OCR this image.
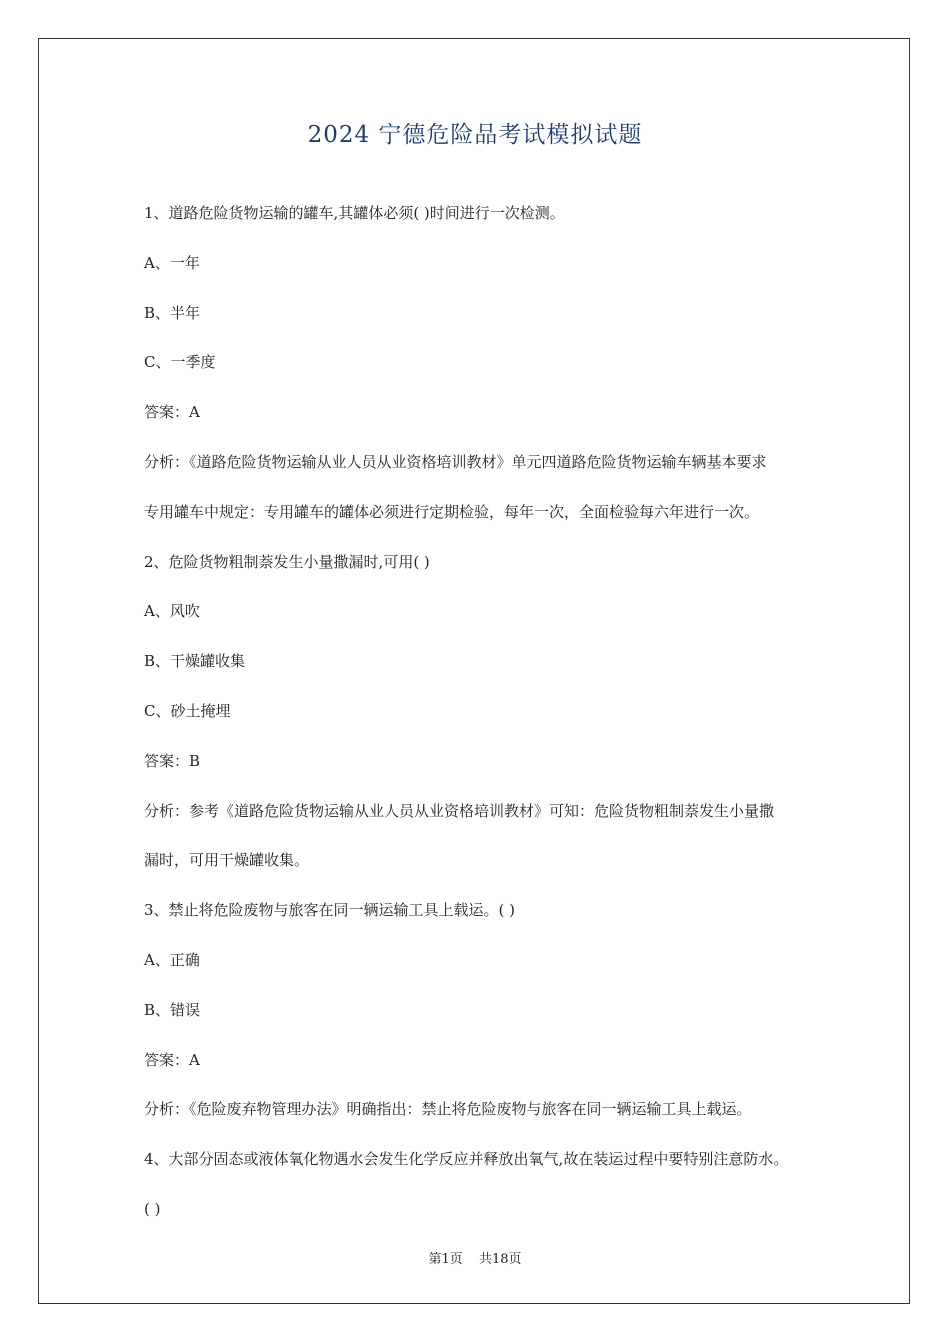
2024 宁德危险品考试模拟试题
1、道路危险货物运输的罐车,其罐体必须( )时间进行一次检测。
A、一年
B、半年
C、一季度
答案：A
分析：《道路危险货物运输从业人员从业资格培训教材》单元四道路危险货物运输车辆基本要求
专用罐车中规定：专用罐车的罐体必须进行定期检验，每年一次，全面检验每六年进行一次。
2、危险货物粗制萘发生小量撒漏时,可用( )
A、风吹
B、干燥罐收集
C、砂土掩埋
答案：B
分析：参考《道路危险货物运输从业人员从业资格培训教材》可知：危险货物粗制萘发生小量撒
漏时，可用干燥罐收集。
3、禁止将危险废物与旅客在同一辆运输工具上载运。( )
A、正确
B、错误
答案：A
分析：《危险废弃物管理办法》明确指出：禁止将危险废物与旅客在同一辆运输工具上载运。
4、大部分固态或液体氧化物遇水会发生化学反应并释放出氧气,故在装运过程中要特别注意防水。
( )
第1页 共18页
